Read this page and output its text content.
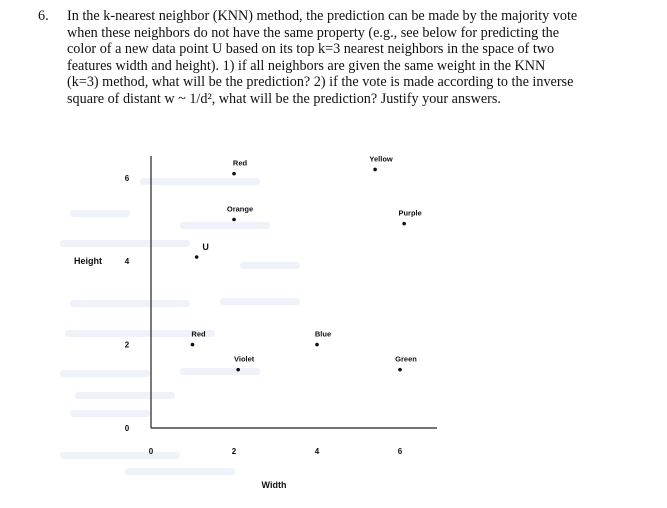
6. In the k-nearest neighbor (KNN) method, the prediction can be made by the majority vote
when these neighbors do not have the same property (e.g., see below for predicting the
color of a new data point U based on its top k=3 nearest neighbors in the space of two
features width and height). 1) if all neighbors are given the same weight in the KNN
(k=3) method, what will be the prediction? 2) if the vote is made according to the inverse
square of distant w ~ 1/d², what will be the prediction? Justify your answers.

0	2	4	6
0
2
4
6
Red	Yellow
Orange	Purple
U
Red	Blue
Violet	Green
Width
Height
